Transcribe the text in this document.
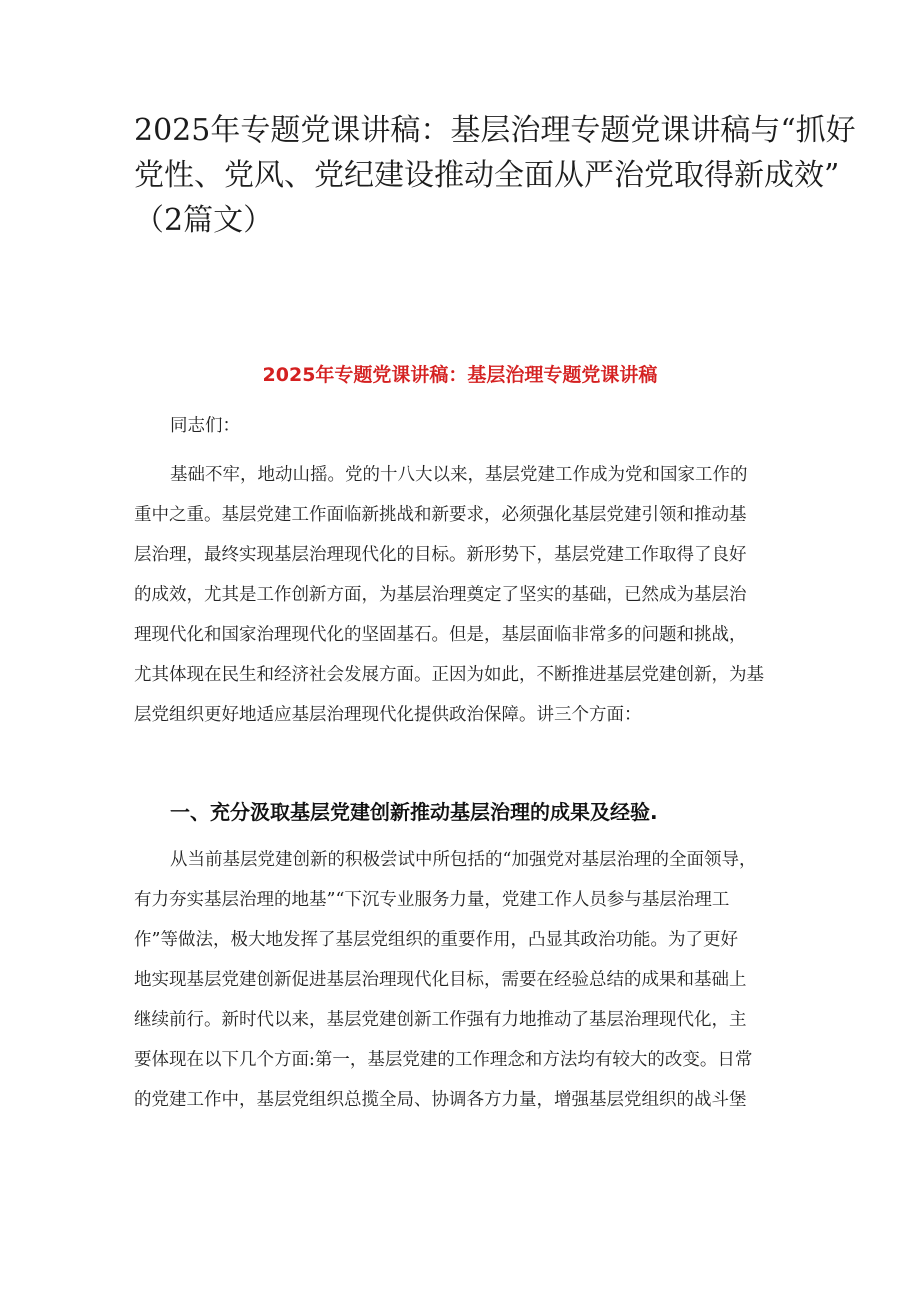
2025年专题党课讲稿：基层治理专题党课讲稿与“抓好
党性、党风、党纪建设推动全面从严治党取得新成效”
（2篇文）
2025年专题党课讲稿：基层治理专题党课讲稿
同志们：
基础不牢，地动山摇。党的十八大以来，基层党建工作成为党和国家工作的
重中之重。基层党建工作面临新挑战和新要求，必须强化基层党建引领和推动基
层治理，最终实现基层治理现代化的目标。新形势下，基层党建工作取得了良好
的成效，尤其是工作创新方面，为基层治理奠定了坚实的基础，已然成为基层治
理现代化和国家治理现代化的坚固基石。但是，基层面临非常多的问题和挑战，
尤其体现在民生和经济社会发展方面。正因为如此，不断推进基层党建创新，为基
层党组织更好地适应基层治理现代化提供政治保障。讲三个方面：
一、充分汲取基层党建创新推动基层治理的成果及经验.
从当前基层党建创新的积极尝试中所包括的“加强党对基层治理的全面领导，
有力夯实基层治理的地基”“下沉专业服务力量，党建工作人员参与基层治理工
作”等做法，极大地发挥了基层党组织的重要作用，凸显其政治功能。为了更好
地实现基层党建创新促进基层治理现代化目标，需要在经验总结的成果和基础上
继续前行。新时代以来，基层党建创新工作强有力地推动了基层治理现代化，主
要体现在以下几个方面:第一，基层党建的工作理念和方法均有较大的改变。日常
的党建工作中，基层党组织总揽全局、协调各方力量，增强基层党组织的战斗堡
